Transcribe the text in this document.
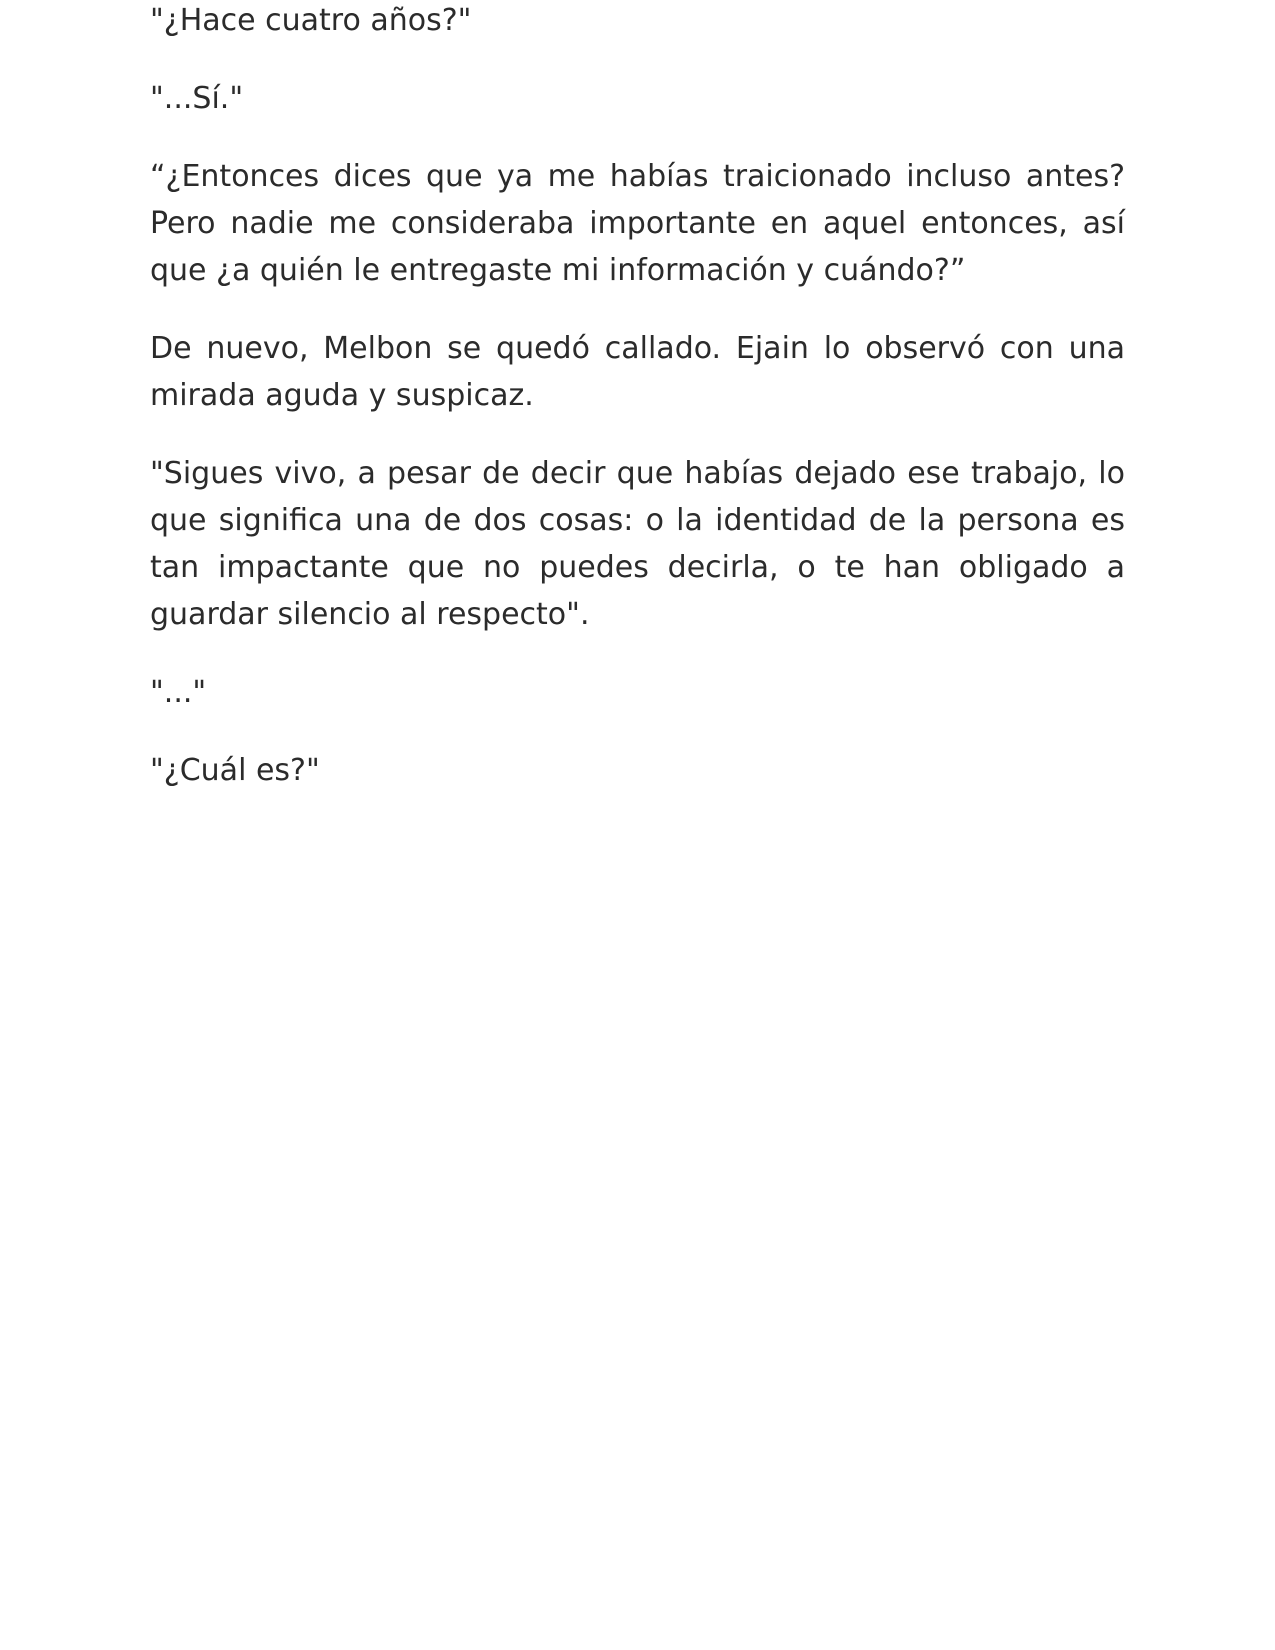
"¿Hace cuatro años?"

"...Sí."

“¿Entonces dices que ya me habías traicionado incluso antes? Pero nadie me consideraba importante en aquel entonces, así que ¿a quién le entregaste mi información y cuándo?”

De nuevo, Melbon se quedó callado. Ejain lo observó con una mirada aguda y suspicaz.

"Sigues vivo, a pesar de decir que habías dejado ese trabajo, lo que significa una de dos cosas: o la identidad de la persona es tan impactante que no puedes decirla, o te han obligado a guardar silencio al respecto".

"..."

"¿Cuál es?"
